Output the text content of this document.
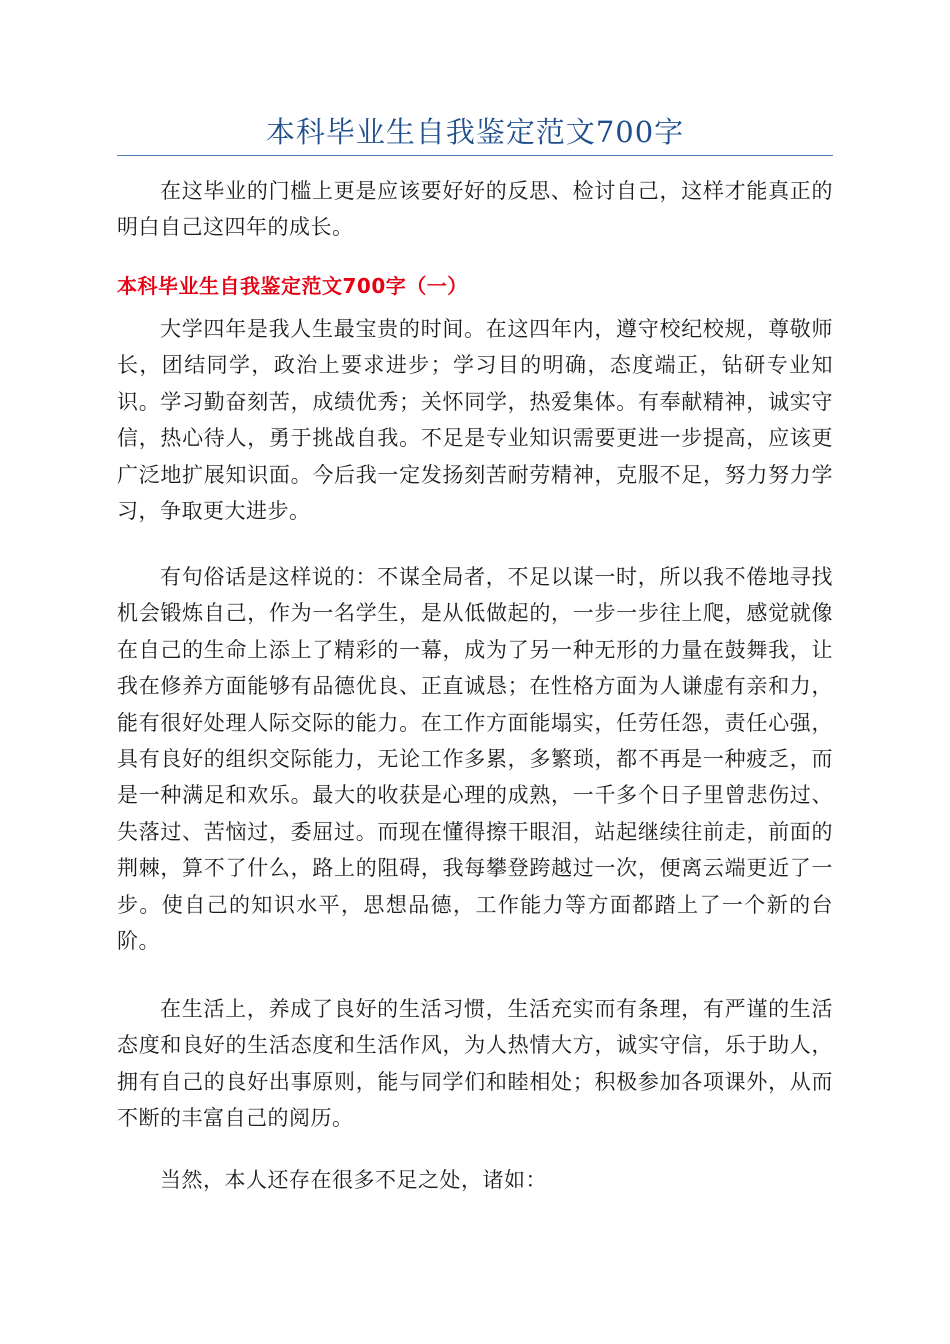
本科毕业生自我鉴定范文700字

在这毕业的门槛上更是应该要好好的反思、检讨自己，这样才能真正的明白自己这四年的成长。

本科毕业生自我鉴定范文700字（一）

大学四年是我人生最宝贵的时间。在这四年内，遵守校纪校规，尊敬师长，团结同学，政治上要求进步；学习目的明确，态度端正，钻研专业知识。学习勤奋刻苦，成绩优秀；关怀同学，热爱集体。有奉献精神，诚实守信，热心待人，勇于挑战自我。不足是专业知识需要更进一步提高，应该更广泛地扩展知识面。今后我一定发扬刻苦耐劳精神，克服不足，努力努力学习，争取更大进步。

有句俗话是这样说的：不谋全局者，不足以谋一时，所以我不倦地寻找机会锻炼自己，作为一名学生，是从低做起的，一步一步往上爬，感觉就像在自己的生命上添上了精彩的一幕，成为了另一种无形的力量在鼓舞我，让我在修养方面能够有品德优良、正直诚恳；在性格方面为人谦虚有亲和力，能有很好处理人际交际的能力。在工作方面能塌实，任劳任怨，责任心强，具有良好的组织交际能力，无论工作多累，多繁琐，都不再是一种疲乏，而是一种满足和欢乐。最大的收获是心理的成熟，一千多个日子里曾悲伤过、失落过、苦恼过，委屈过。而现在懂得擦干眼泪，站起继续往前走，前面的荆棘，算不了什么，路上的阻碍，我每攀登跨越过一次，便离云端更近了一步。使自己的知识水平，思想品德，工作能力等方面都踏上了一个新的台阶。

在生活上，养成了良好的生活习惯，生活充实而有条理，有严谨的生活态度和良好的生活态度和生活作风，为人热情大方，诚实守信，乐于助人，拥有自己的良好出事原则，能与同学们和睦相处；积极参加各项课外，从而不断的丰富自己的阅历。

当然，本人还存在很多不足之处，诸如：
